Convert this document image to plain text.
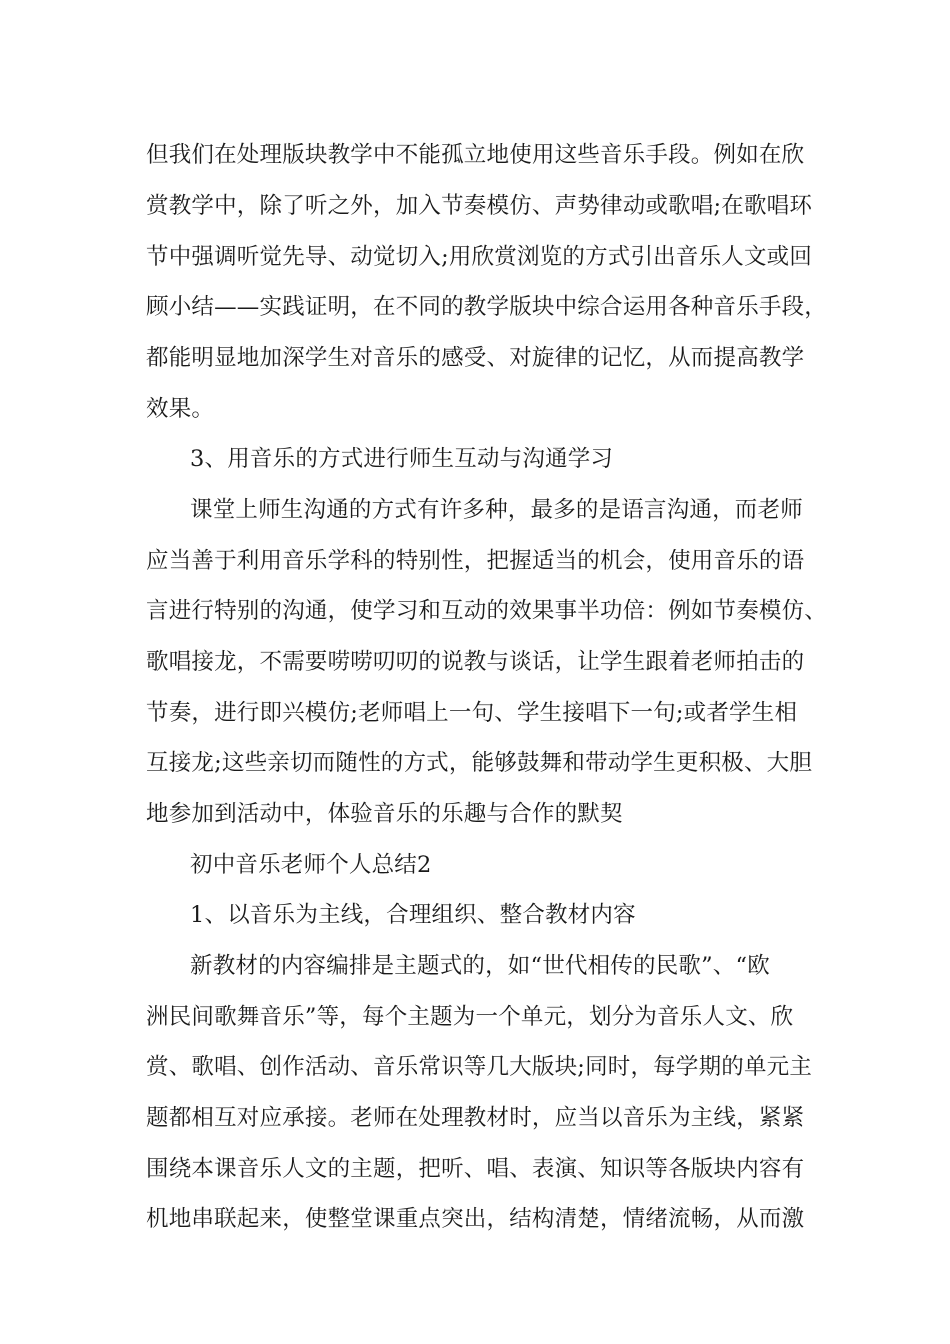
但我们在处理版块教学中不能孤立地使用这些音乐手段。例如在欣
赏教学中，除了听之外，加入节奏模仿、声势律动或歌唱;在歌唱环
节中强调听觉先导、动觉切入;用欣赏浏览的方式引出音乐人文或回
顾小结——实践证明，在不同的教学版块中综合运用各种音乐手段，
都能明显地加深学生对音乐的感受、对旋律的记忆，从而提高教学
效果。
3、用音乐的方式进行师生互动与沟通学习
课堂上师生沟通的方式有许多种，最多的是语言沟通，而老师
应当善于利用音乐学科的特别性，把握适当的机会，使用音乐的语
言进行特别的沟通，使学习和互动的效果事半功倍：例如节奏模仿、
歌唱接龙，不需要唠唠叨叨的说教与谈话，让学生跟着老师拍击的
节奏，进行即兴模仿;老师唱上一句、学生接唱下一句;或者学生相
互接龙;这些亲切而随性的方式，能够鼓舞和带动学生更积极、大胆
地参加到活动中，体验音乐的乐趣与合作的默契
初中音乐老师个人总结2
1、以音乐为主线，合理组织、整合教材内容
新教材的内容编排是主题式的，如“世代相传的民歌”、“欧
洲民间歌舞音乐”等，每个主题为一个单元，划分为音乐人文、欣
赏、歌唱、创作活动、音乐常识等几大版块;同时，每学期的单元主
题都相互对应承接。老师在处理教材时，应当以音乐为主线，紧紧
围绕本课音乐人文的主题，把听、唱、表演、知识等各版块内容有
机地串联起来，使整堂课重点突出，结构清楚，情绪流畅，从而激
